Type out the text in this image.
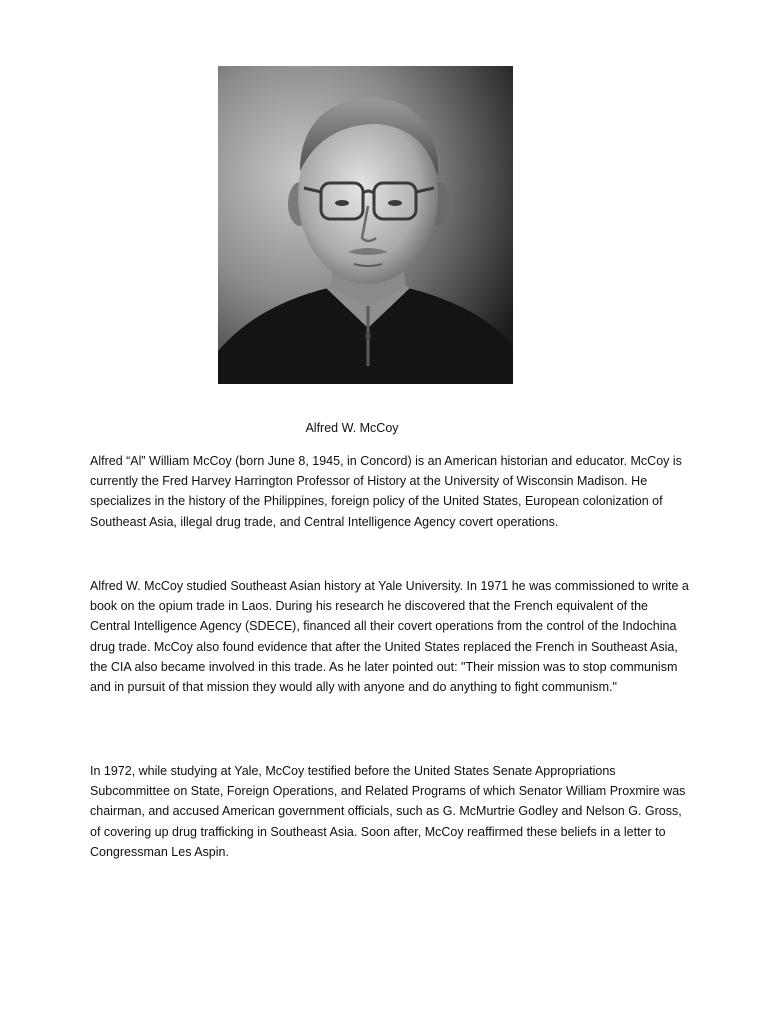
Alfred W. McCoy

Alfred “Al” William McCoy (born June 8, 1945, in Concord) is an American historian and educator. McCoy is currently the Fred Harvey Harrington Professor of History at the University of Wisconsin Madison. He specializes in the history of the Philippines, foreign policy of the United States, European colonization of Southeast Asia, illegal drug trade, and Central Intelligence Agency covert operations.

Alfred W. McCoy studied Southeast Asian history at Yale University. In 1971 he was commissioned to write a book on the opium trade in Laos. During his research he discovered that the French equivalent of the Central Intelligence Agency (SDECE), financed all their covert operations from the control of the Indochina drug trade. McCoy also found evidence that after the United States replaced the French in Southeast Asia, the CIA also became involved in this trade. As he later pointed out: "Their mission was to stop communism and in pursuit of that mission they would ally with anyone and do anything to fight communism."

In 1972, while studying at Yale, McCoy testified before the United States Senate Appropriations Subcommittee on State, Foreign Operations, and Related Programs of which Senator William Proxmire was chairman, and accused American government officials, such as G. McMurtrie Godley and Nelson G. Gross, of covering up drug trafficking in Southeast Asia. Soon after, McCoy reaffirmed these beliefs in a letter to Congressman Les Aspin.
